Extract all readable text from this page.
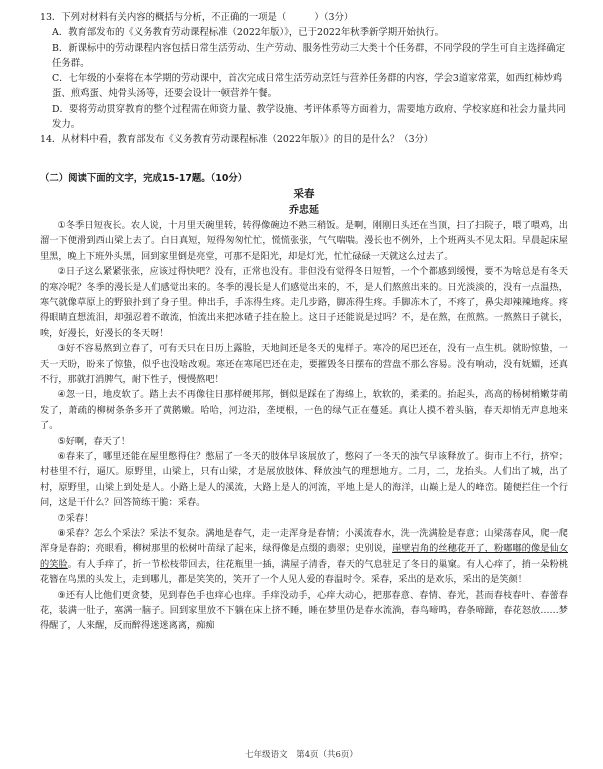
13．下列对材料有关内容的概括与分析，不正确的一项是（　　　）（3分）

A．教育部发布的《义务教育劳动课程标准（2022年版）》，已于2022年秋季新学期开始执行。

B．新课标中的劳动课程内容包括日常生活劳动、生产劳动、服务性劳动三大类十个任务群，不同学段的学生可自主选择确定任务群。

C．七年级的小秦将在本学期的劳动课中，首次完成日常生活劳动烹饪与营养任务群的内容，学会3道家常菜，如西红柿炒鸡蛋、煎鸡蛋、炖骨头汤等，还要会设计一顿营养午餐。

D．要将劳动贯穿教育的整个过程需在师资力量、教学设施、考评体系等方面着力，需要地方政府、学校家庭和社会力量共同发力。

14．从材料中看，教育部发布《义务教育劳动课程标准（2022年版）》的目的是什么？（3分）

（二）阅读下面的文字，完成15-17题。（10分）

采春

乔忠延

①冬季日短夜长。农人说，十月里天碗里转，转得像碗边不熟三稍饭。是啊，刚刚日头还在当顶，扫了扫院子，喂了喂鸡，出溜一下便滑到西山梁上去了。白日真短，短得匆匆忙忙，慌慌张张，气气喘喘。漫长也不例外，上个班两头不见太阳。早晨起床屋里黑，晚上下班外头黑，回到家里倒是亮堂，可那不是阳光，却是灯光，忙忙碌碌一天就这么过去了。

②日子这么紧紧张张，应该过得快吧？没有，正常也没有。非但没有觉得冬日短暂，一个个都感到缓慢，要不为啥总是有冬天的寒冷呢？冬季的漫长是人们感觉出来的。冬季的漫长是人们感觉出来的，不，是人们熬煎出来的。日光淡淡的，没有一点温热，寒气就像草原上的野狼扑到了身子里。伸出手，手冻得生疼。走几步路，脚冻得生疼。手脚冻木了，不疼了，鼻尖却辣辣地疼。疼得眼睛直想流泪，却强忍着不敢流，怕流出来把冰碴子挂在脸上。这日子还能说是过吗？不，是在熬，在煎熬。一熬熬日子就长，唉，好漫长，好漫长的冬天呀！

③好不容易熬到立春了，可有天只在日历上露脸，天地间还是冬天的鬼样子。寒冷的尾巴还在，没有一点生机。就盼惊蛰，一天一天盼，盼来了惊蛰，似乎也没啥改观。寒还在寒尾巴还在走，要摧毁冬日摆布的营盘不那么容易。没有响动，没有妩媚，还真不行，那就打消脾气，耐下性子，慢慢熬吧！

④忽一日，地皮软了。踏上去不再像往日那样硬邦邦，倒似是踩在了海绵上，软软的，柔柔的。抬起头，高高的杨树梢嫩芽萌发了，萧疏的柳树条条多开了黄鹅嫩。哈哈，河边沿，垄埂根，一色的绿气正在蔓延。真让人摸不着头脑，春天却悄无声息地来了。

⑤好啊，春天了！

⑥春来了，哪里还能在屋里憋得住？憋屈了一冬天的肢体早该展放了，憋闷了一冬天的浊气早该释放了。街市上不行，挤窄；村巷里不行，逼仄。原野里，山梁上，只有山梁，才是展放肢体、释放浊气的理想地方。二月，二，龙抬头。人们出了城，出了村，原野里，山梁上到处是人。小路上是人的溪流，大路上是人的河流，平地上是人的海洋，山巅上是人的峰峦。随便拦住一个行问，这是干什么？回答简练干脆：采春。

⑦采春！

⑧采春？怎么个采法？采法不复杂。满地是春气，走一走浑身是春情；小溪流春水，洗一洗满脸是春意；山梁荡春风，爬一爬浑身是春韵；亮眼看，柳树那里的松树叶苗绿了起来，绿得像是点缀的翡翠；史别说，崖壁岩角的丝穗花开了，粉嘟嘟的像是仙女的笑脸。有人手痒了，折一节松枝带回去，往花瓶里一插，满屋子清香，春天的气息驻足了冬日的巢窠。有人心痒了，捎一朵粉桃花簪在鸟黑的头发上，走到哪儿，都是笑笑的，笑开了一个人见人爱的春温时令。采春，采出的是欢乐，采出的是笑颜！

⑨还有人比他们更贪婪，见到春色手也痒心也痒。手痒没动手，心痒大动心，把那春意、春情、春光，甚而春枝春叶、春蕾春花，装满一肚子，塞满一脑子。回到家里放不下躺在床上挤不睡，睡在梦里仍是春水流淌，春鸟啼鸣，春条啼蹄，春花怒放……梦得醒了，人来醒，反而醉得迷迷离离，痴痴

七年级语文　第4页（共6页）
